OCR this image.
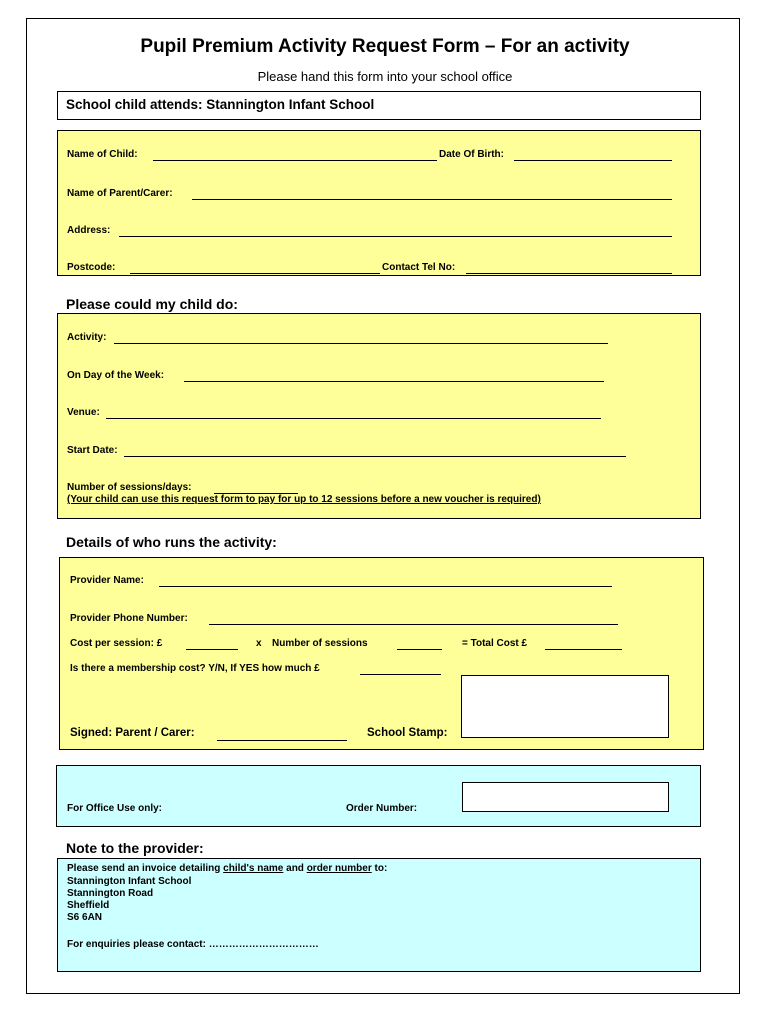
Pupil Premium Activity Request Form – For an activity
Please hand this form into your school office
School child attends: Stannington Infant School
Name of Child:	Date Of Birth:
Name of Parent/Carer:
Address:
Postcode:	Contact Tel No:
Please could my child do:
Activity:
On Day of the Week:
Venue:
Start Date:
Number of sessions/days:
(Your child can use this request form to pay for up to 12 sessions before a new voucher is required)
Details of who runs the activity:
Provider Name:
Provider Phone Number:
Cost per session: £	x Number of sessions	= Total Cost £
Is there a membership cost? Y/N, If YES how much £
Signed: Parent / Carer:	School Stamp:
For Office Use only:	Order Number:
Note to the provider:
Please send an invoice detailing child's name and order number to:
Stannington Infant School
Stannington Road
Sheffield
S6 6AN
For enquiries please contact: ……………………………
